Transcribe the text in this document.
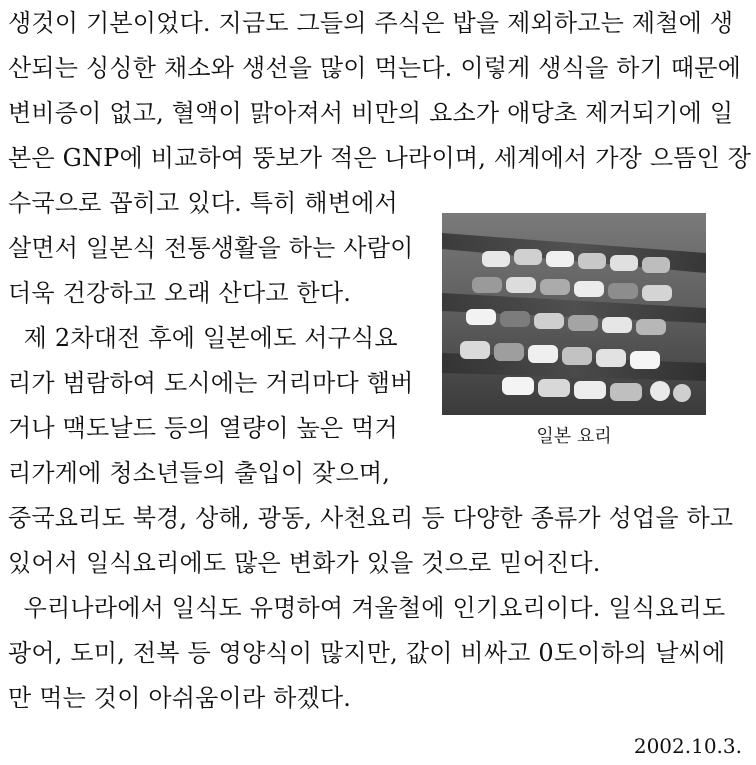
생것이 기본이었다. 지금도 그들의 주식은 밥을 제외하고는 제철에 생
산되는 싱싱한 채소와 생선을 많이 먹는다. 이렇게 생식을 하기 때문에
변비증이 없고, 혈액이 맑아져서 비만의 요소가 애당초 제거되기에 일
본은 GNP에 비교하여 뚱보가 적은 나라이며, 세계에서 가장 으뜸인 장
수국으로 꼽히고 있다. 특히 해변에서
살면서 일본식 전통생활을 하는 사람이
더욱 건강하고 오래 산다고 한다.
제 2차대전 후에 일본에도 서구식요
리가 범람하여 도시에는 거리마다 햄버
거나 맥도날드 등의 열량이 높은 먹거
리가게에 청소년들의 출입이 잦으며,
중국요리도 북경, 상해, 광동, 사천요리 등 다양한 종류가 성업을 하고
있어서 일식요리에도 많은 변화가 있을 것으로 믿어진다.
우리나라에서 일식도 유명하여 겨울철에 인기요리이다. 일식요리도
광어, 도미, 전복 등 영양식이 많지만, 값이 비싸고 0도이하의 날씨에
만 먹는 것이 아쉬움이라 하겠다.
일본 요리
2002.10.3.
